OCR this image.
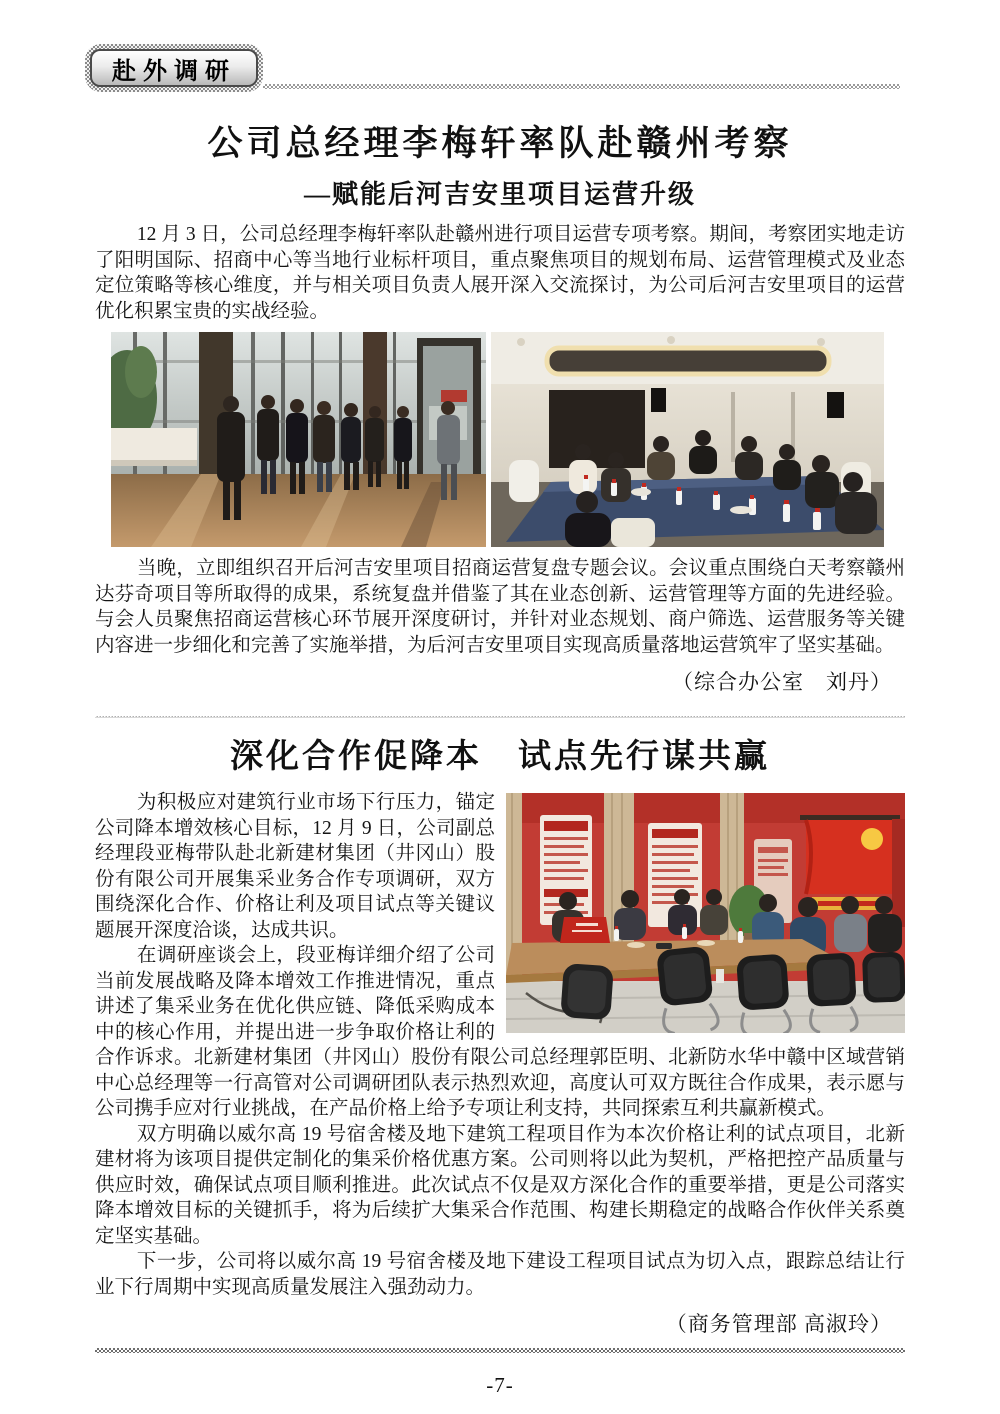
赴外调研
公司总经理李梅轩率队赴赣州考察
—赋能后河吉安里项目运营升级

12 月 3 日，公司总经理李梅轩率队赴赣州进行项目运营专项考察。期间，考察团实地走访了阳明国际、招商中心等当地行业标杆项目，重点聚焦项目的规划布局、运营管理模式及业态定位策略等核心维度，并与相关项目负责人展开深入交流探讨，为公司后河吉安里项目的运营优化积累宝贵的实战经验。

当晚，立即组织召开后河吉安里项目招商运营复盘专题会议。会议重点围绕白天考察赣州达芬奇项目等所取得的成果，系统复盘并借鉴了其在业态创新、运营管理等方面的先进经验。与会人员聚焦招商运营核心环节展开深度研讨，并针对业态规划、商户筛选、运营服务等关键内容进一步细化和完善了实施举措，为后河吉安里项目实现高质量落地运营筑牢了坚实基础。

（综合办公室　刘丹）
深化合作促降本　试点先行谋共赢

为积极应对建筑行业市场下行压力，锚定公司降本增效核心目标，12 月 9 日，公司副总经理段亚梅带队赴北新建材集团（井冈山）股份有限公司开展集采业务合作专项调研，双方围绕深化合作、价格让利及项目试点等关键议题展开深度洽谈，达成共识。

在调研座谈会上，段亚梅详细介绍了公司当前发展战略及降本增效工作推进情况，重点讲述了集采业务在优化供应链、降低采购成本中的核心作用，并提出进一步争取价格让利的合作诉求。北新建材集团（井冈山）股份有限公司总经理郭臣明、北新防水华中赣中区域营销中心总经理等一行高管对公司调研团队表示热烈欢迎，高度认可双方既往合作成果，表示愿与公司携手应对行业挑战，在产品价格上给予专项让利支持，共同探索互利共赢新模式。

双方明确以威尔高 19 号宿舍楼及地下建筑工程项目作为本次价格让利的试点项目，北新建材将为该项目提供定制化的集采价格优惠方案。公司则将以此为契机，严格把控产品质量与供应时效，确保试点项目顺利推进。此次试点不仅是双方深化合作的重要举措，更是公司落实降本增效目标的关键抓手，将为后续扩大集采合作范围、构建长期稳定的战略合作伙伴关系奠定坚实基础。

下一步，公司将以威尔高 19 号宿舍楼及地下建设工程项目试点为切入点，跟踪总结让行业下行周期中实现高质量发展注入强劲动力。

（商务管理部 高淑玲）
-7-
